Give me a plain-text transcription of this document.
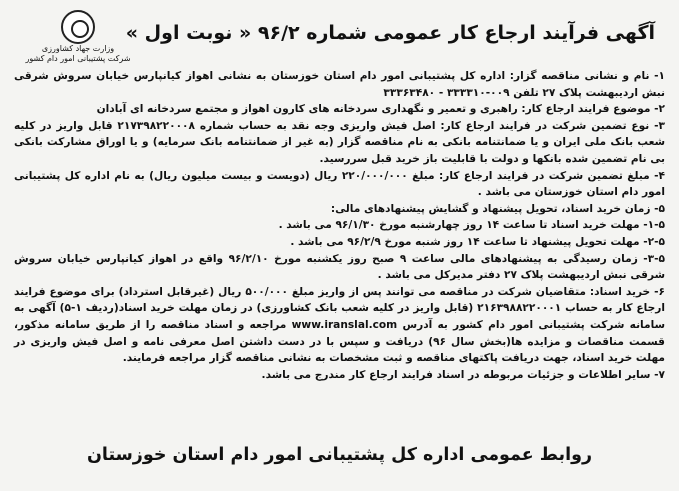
آگهی فرآیند ارجاع کار عمومی شماره ۹۶/۲ « نوبت اول »
وزارت جهاد کشاورزی
شرکت پشتیبانی امور دام کشور

۱- نام و نشانی مناقصه گزار: اداره کل پشتیبانی امور دام استان خوزستان به نشانی اهواز کیانپارس خیابان سروش شرقی نبش اردیبهشت پلاک ۲۷ تلفن ۰۰۹-۳۳۳۳۱۰ - ۳۳۳۶۳۴۸۰

۲- موضوع فرایند ارجاع کار: راهبری و تعمیر و نگهداری سردخانه های کارون اهواز و مجتمع سردخانه ای آبادان

۳- نوع تضمین شرکت در فرایند ارجاع کار: اصل فیش واریزی وجه نقد به حساب شماره ۲۱۷۳۹۸۲۲۰۰۰۸ قابل واریز در کلیه شعب بانک ملی ایران و یا ضمانتنامه بانکی به نام مناقصه گزار (به غیر از ضمانتنامه بانک سرمایه) و یا اوراق مشارکت بانکی بی نام تضمین شده بانکها و دولت با قابلیت باز خرید قبل سررسید.

۴- مبلغ تضمین شرکت در فرایند ارجاع کار: مبلغ ۲۲۰/۰۰۰/۰۰۰ ریال (دویست و بیست میلیون ریال) به نام اداره کل پشتیبانی امور دام استان خوزستان می باشد .

۵- زمان خرید اسناد، تحویل پیشنهاد و گشایش پیشنهادهای مالی:

۱-۵- مهلت خرید اسناد تا ساعت ۱۴ روز چهارشنبه مورخ ۹۶/۱/۳۰ می باشد .

۲-۵- مهلت تحویل پیشنهاد تا ساعت ۱۴ روز شنبه مورخ ۹۶/۲/۹ می باشد .

۳-۵- زمان رسیدگی به پیشنهادهای مالی ساعت ۹ صبح روز یکشنبه مورخ ۹۶/۲/۱۰ واقع در اهواز کیانپارس خیابان سروش شرقی نبش اردیبهشت پلاک ۲۷ دفتر مدیرکل می باشد .

۶- خرید اسناد: متقاضیان شرکت در مناقصه می توانند پس از واریز مبلغ ۵۰۰/۰۰۰ ریال (غیرقابل استرداد) برای موضوع فرایند ارجاع کار به حساب ۲۱۶۳۹۸۸۲۲۰۰۰۱ (قابل واریز در کلیه شعب بانک کشاورزی) در زمان مهلت خرید اسناد(ردیف ۱-۵) آگهی به سامانه شرکت پشتیبانی امور دام کشور به آدرس www.iranslal.com مراجعه و اسناد مناقصه را از طریق سامانه مذکور، قسمت مناقصات و مزایده ها(بخش سال ۹۶) دریافت و سپس با در دست داشتن اصل معرفی نامه و اصل فیش واریزی در مهلت خرید اسناد، جهت دریافت پاکتهای مناقصه و ثبت مشخصات به نشانی مناقصه گزار مراجعه فرمایند.

۷- سایر اطلاعات و جزئیات مربوطه در اسناد فرایند ارجاع کار مندرج می باشد.

روابط عمومی اداره کل پشتیبانی امور دام استان خوزستان
